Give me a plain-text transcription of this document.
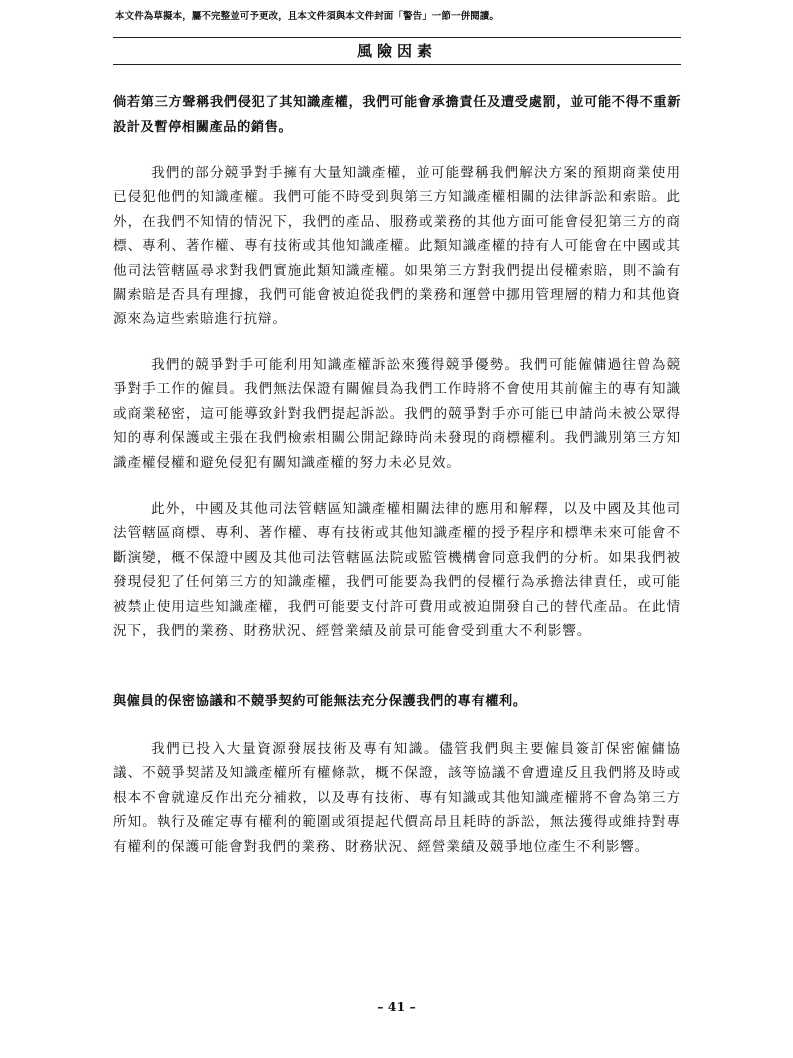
本文件為草擬本，屬不完整並可予更改，且本文件須與本文件封面「警告」一節一併閱讀。
風險因素
倘若第三方聲稱我們侵犯了其知識產權，我們可能會承擔責任及遭受處罰，並可能不得不重新設計及暫停相關產品的銷售。
我們的部分競爭對手擁有大量知識產權，並可能聲稱我們解決方案的預期商業使用已侵犯他們的知識產權。我們可能不時受到與第三方知識產權相關的法律訴訟和索賠。此外，在我們不知情的情況下，我們的產品、服務或業務的其他方面可能會侵犯第三方的商標、專利、著作權、專有技術或其他知識產權。此類知識產權的持有人可能會在中國或其他司法管轄區尋求對我們實施此類知識產權。如果第三方對我們提出侵權索賠，則不論有關索賠是否具有理據，我們可能會被迫從我們的業務和運營中挪用管理層的精力和其他資源來為這些索賠進行抗辯。
我們的競爭對手可能利用知識產權訴訟來獲得競爭優勢。我們可能僱傭過往曾為競爭對手工作的僱員。我們無法保證有關僱員為我們工作時將不會使用其前僱主的專有知識或商業秘密，這可能導致針對我們提起訴訟。我們的競爭對手亦可能已申請尚未被公眾得知的專利保護或主張在我們檢索相關公開記錄時尚未發現的商標權利。我們識別第三方知識產權侵權和避免侵犯有關知識產權的努力未必見效。
此外，中國及其他司法管轄區知識產權相關法律的應用和解釋，以及中國及其他司法管轄區商標、專利、著作權、專有技術或其他知識產權的授予程序和標準未來可能會不斷演變，概不保證中國及其他司法管轄區法院或監管機構會同意我們的分析。如果我們被發現侵犯了任何第三方的知識產權，我們可能要為我們的侵權行為承擔法律責任，或可能被禁止使用這些知識產權，我們可能要支付許可費用或被迫開發自己的替代產品。在此情況下，我們的業務、財務狀況、經營業績及前景可能會受到重大不利影響。
與僱員的保密協議和不競爭契約可能無法充分保護我們的專有權利。
我們已投入大量資源發展技術及專有知識。儘管我們與主要僱員簽訂保密僱傭協議、不競爭契諾及知識產權所有權條款，概不保證，該等協議不會遭違反且我們將及時或根本不會就違反作出充分補救，以及專有技術、專有知識或其他知識產權將不會為第三方所知。執行及確定專有權利的範圍或須提起代價高昂且耗時的訴訟，無法獲得或維持對專有權利的保護可能會對我們的業務、財務狀況、經營業績及競爭地位產生不利影響。
– 41 –
